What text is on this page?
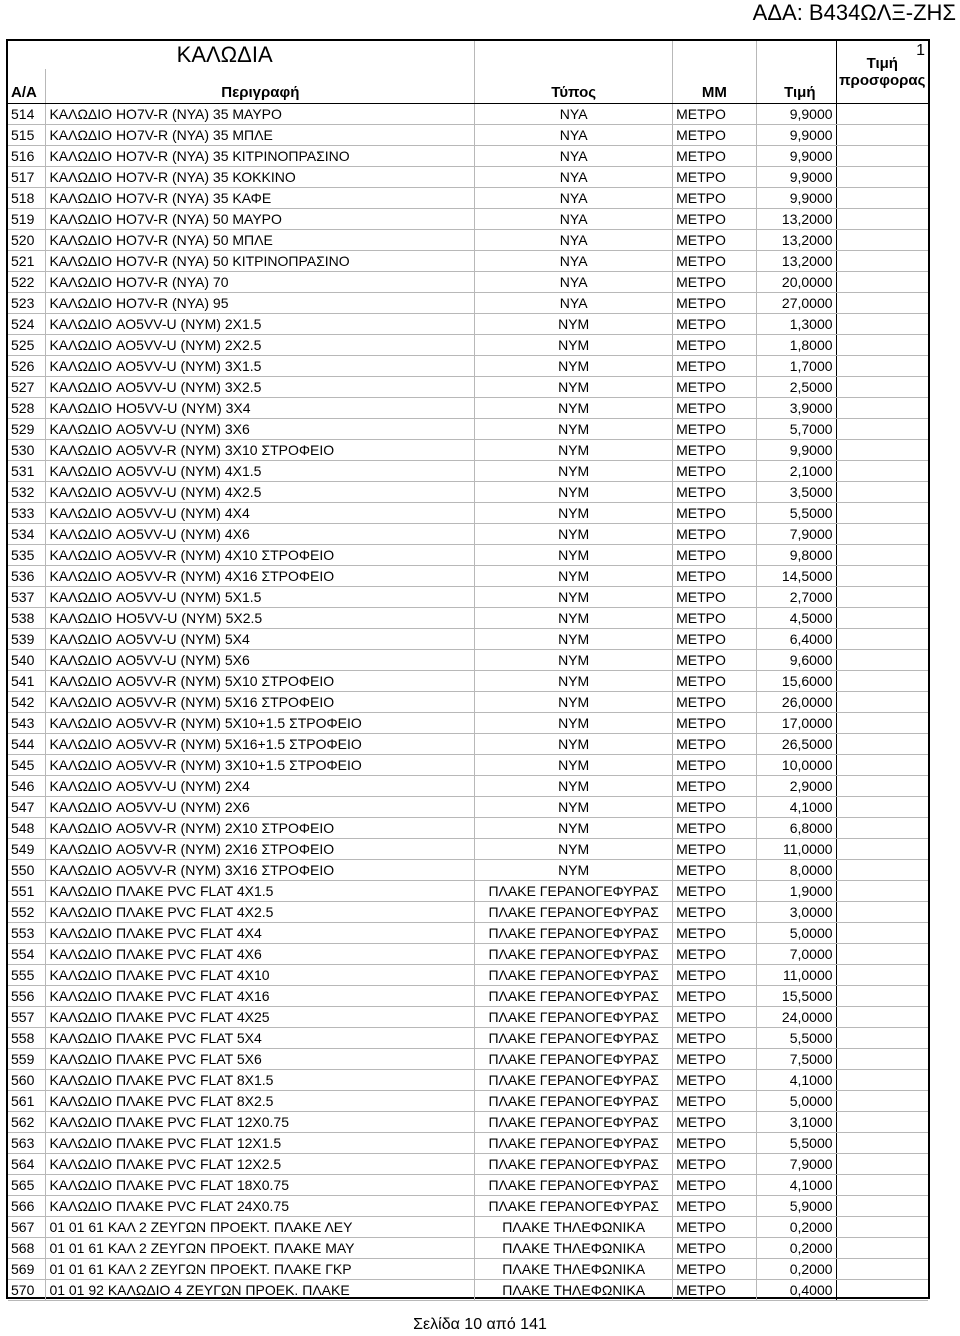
ΑΔΑ: Β434ΩΛΞ-ΖΗΣ
ΚΑΛΩΔΙΑ					1
Α/Α	Περιγραφή	Τύπος	ΜΜ	Τιμή	Τιμή
προσφορας

514	ΚΑΛΩΔΙΟ HO7V-R (NYA) 35 ΜΑΥΡΟ	NYA	ΜΕΤΡΟ	9,9000	
515	ΚΑΛΩΔΙΟ HO7V-R (NYA) 35 ΜΠΛΕ	NYA	ΜΕΤΡΟ	9,9000	
516	ΚΑΛΩΔΙΟ HO7V-R (NYA) 35 ΚΙΤΡΙΝΟΠΡΑΣΙΝΟ	NYA	ΜΕΤΡΟ	9,9000	
517	ΚΑΛΩΔΙΟ HO7V-R (NYA) 35 ΚΟΚΚΙΝΟ	NYA	ΜΕΤΡΟ	9,9000	
518	ΚΑΛΩΔΙΟ HO7V-R (NYA) 35 ΚΑΦΕ	NYA	ΜΕΤΡΟ	9,9000	
519	ΚΑΛΩΔΙΟ HO7V-R (NYA) 50 ΜΑΥΡΟ	NYA	ΜΕΤΡΟ	13,2000	
520	ΚΑΛΩΔΙΟ HO7V-R (NYA) 50 ΜΠΛΕ	NYA	ΜΕΤΡΟ	13,2000	
521	ΚΑΛΩΔΙΟ HO7V-R (NYA) 50 ΚΙΤΡΙΝΟΠΡΑΣΙΝΟ	NYA	ΜΕΤΡΟ	13,2000	
522	ΚΑΛΩΔΙΟ HO7V-R (NYA) 70	NYA	ΜΕΤΡΟ	20,0000	
523	ΚΑΛΩΔΙΟ HO7V-R (NYA) 95	NYA	ΜΕΤΡΟ	27,0000	
524	ΚΑΛΩΔΙΟ AO5VV-U (NYM) 2X1.5	NYM	ΜΕΤΡΟ	1,3000	
525	ΚΑΛΩΔΙΟ AO5VV-U (NYM) 2X2.5	NYM	ΜΕΤΡΟ	1,8000	
526	ΚΑΛΩΔΙΟ AO5VV-U (NYM) 3X1.5	NYM	ΜΕΤΡΟ	1,7000	
527	ΚΑΛΩΔΙΟ AO5VV-U (NYM) 3X2.5	NYM	ΜΕΤΡΟ	2,5000	
528	ΚΑΛΩΔΙΟ HO5VV-U (NYM) 3X4	NYM	ΜΕΤΡΟ	3,9000	
529	ΚΑΛΩΔΙΟ AO5VV-U (NYM) 3X6	NYM	ΜΕΤΡΟ	5,7000	
530	ΚΑΛΩΔΙΟ AO5VV-R (NYM) 3X10 ΣΤΡΟΦΕΙΟ	NYM	ΜΕΤΡΟ	9,9000	
531	ΚΑΛΩΔΙΟ AO5VV-U (NYM) 4X1.5	NYM	ΜΕΤΡΟ	2,1000	
532	ΚΑΛΩΔΙΟ AO5VV-U (NYM) 4X2.5	NYM	ΜΕΤΡΟ	3,5000	
533	ΚΑΛΩΔΙΟ AO5VV-U (NYM) 4X4	NYM	ΜΕΤΡΟ	5,5000	
534	ΚΑΛΩΔΙΟ AO5VV-U (NYM) 4X6	NYM	ΜΕΤΡΟ	7,9000	
535	ΚΑΛΩΔΙΟ AO5VV-R (NYM) 4X10 ΣΤΡΟΦΕΙΟ	NYM	ΜΕΤΡΟ	9,8000	
536	ΚΑΛΩΔΙΟ AO5VV-R (NYM) 4X16 ΣΤΡΟΦΕΙΟ	NYM	ΜΕΤΡΟ	14,5000	
537	ΚΑΛΩΔΙΟ AO5VV-U (NYM) 5X1.5	NYM	ΜΕΤΡΟ	2,7000	
538	ΚΑΛΩΔΙΟ HO5VV-U (NYM) 5X2.5	NYM	ΜΕΤΡΟ	4,5000	
539	ΚΑΛΩΔΙΟ AO5VV-U (NYM) 5X4	NYM	ΜΕΤΡΟ	6,4000	
540	ΚΑΛΩΔΙΟ AO5VV-U (NYM) 5X6	NYM	ΜΕΤΡΟ	9,6000	
541	ΚΑΛΩΔΙΟ AO5VV-R (NYM) 5X10 ΣΤΡΟΦΕΙΟ	NYM	ΜΕΤΡΟ	15,6000	
542	ΚΑΛΩΔΙΟ AO5VV-R (NYM) 5X16 ΣΤΡΟΦΕΙΟ	NYM	ΜΕΤΡΟ	26,0000	
543	ΚΑΛΩΔΙΟ AO5VV-R (NYM) 5X10+1.5 ΣΤΡΟΦΕΙΟ	NYM	ΜΕΤΡΟ	17,0000	
544	ΚΑΛΩΔΙΟ AO5VV-R (NYM) 5X16+1.5 ΣΤΡΟΦΕΙΟ	NYM	ΜΕΤΡΟ	26,5000	
545	ΚΑΛΩΔΙΟ AO5VV-R (NYM) 3X10+1.5 ΣΤΡΟΦΕΙΟ	NYM	ΜΕΤΡΟ	10,0000	
546	ΚΑΛΩΔΙΟ AO5VV-U (NYM) 2X4	NYM	ΜΕΤΡΟ	2,9000	
547	ΚΑΛΩΔΙΟ AO5VV-U (NYM) 2X6	NYM	ΜΕΤΡΟ	4,1000	
548	ΚΑΛΩΔΙΟ AO5VV-R (NYM) 2X10 ΣΤΡΟΦΕΙΟ	NYM	ΜΕΤΡΟ	6,8000	
549	ΚΑΛΩΔΙΟ AO5VV-R (NYM) 2X16 ΣΤΡΟΦΕΙΟ	NYM	ΜΕΤΡΟ	11,0000	
550	ΚΑΛΩΔΙΟ AO5VV-R (NYM) 3X16 ΣΤΡΟΦΕΙΟ	NYM	ΜΕΤΡΟ	8,0000	
551	ΚΑΛΩΔΙΟ ΠΛΑΚΕ PVC FLAT 4X1.5	ΠΛΑΚΕ ΓΕΡΑΝΟΓΕΦΥΡΑΣ	ΜΕΤΡΟ	1,9000	
552	ΚΑΛΩΔΙΟ ΠΛΑΚΕ PVC FLAT 4X2.5	ΠΛΑΚΕ ΓΕΡΑΝΟΓΕΦΥΡΑΣ	ΜΕΤΡΟ	3,0000	
553	ΚΑΛΩΔΙΟ ΠΛΑΚΕ PVC FLAT 4X4	ΠΛΑΚΕ ΓΕΡΑΝΟΓΕΦΥΡΑΣ	ΜΕΤΡΟ	5,0000	
554	ΚΑΛΩΔΙΟ ΠΛΑΚΕ PVC FLAT 4X6	ΠΛΑΚΕ ΓΕΡΑΝΟΓΕΦΥΡΑΣ	ΜΕΤΡΟ	7,0000	
555	ΚΑΛΩΔΙΟ ΠΛΑΚΕ PVC FLAT 4X10	ΠΛΑΚΕ ΓΕΡΑΝΟΓΕΦΥΡΑΣ	ΜΕΤΡΟ	11,0000	
556	ΚΑΛΩΔΙΟ ΠΛΑΚΕ PVC FLAT 4X16	ΠΛΑΚΕ ΓΕΡΑΝΟΓΕΦΥΡΑΣ	ΜΕΤΡΟ	15,5000	
557	ΚΑΛΩΔΙΟ ΠΛΑΚΕ PVC FLAT 4X25	ΠΛΑΚΕ ΓΕΡΑΝΟΓΕΦΥΡΑΣ	ΜΕΤΡΟ	24,0000	
558	ΚΑΛΩΔΙΟ ΠΛΑΚΕ PVC FLAT 5X4	ΠΛΑΚΕ ΓΕΡΑΝΟΓΕΦΥΡΑΣ	ΜΕΤΡΟ	5,5000	
559	ΚΑΛΩΔΙΟ ΠΛΑΚΕ PVC FLAT 5X6	ΠΛΑΚΕ ΓΕΡΑΝΟΓΕΦΥΡΑΣ	ΜΕΤΡΟ	7,5000	
560	ΚΑΛΩΔΙΟ ΠΛΑΚΕ PVC FLAT 8X1.5	ΠΛΑΚΕ ΓΕΡΑΝΟΓΕΦΥΡΑΣ	ΜΕΤΡΟ	4,1000	
561	ΚΑΛΩΔΙΟ ΠΛΑΚΕ PVC FLAT 8X2.5	ΠΛΑΚΕ ΓΕΡΑΝΟΓΕΦΥΡΑΣ	ΜΕΤΡΟ	5,0000	
562	ΚΑΛΩΔΙΟ ΠΛΑΚΕ PVC FLAT 12X0.75	ΠΛΑΚΕ ΓΕΡΑΝΟΓΕΦΥΡΑΣ	ΜΕΤΡΟ	3,1000	
563	ΚΑΛΩΔΙΟ ΠΛΑΚΕ PVC FLAT 12X1.5	ΠΛΑΚΕ ΓΕΡΑΝΟΓΕΦΥΡΑΣ	ΜΕΤΡΟ	5,5000	
564	ΚΑΛΩΔΙΟ ΠΛΑΚΕ PVC FLAT 12X2.5	ΠΛΑΚΕ ΓΕΡΑΝΟΓΕΦΥΡΑΣ	ΜΕΤΡΟ	7,9000	
565	ΚΑΛΩΔΙΟ ΠΛΑΚΕ PVC FLAT 18X0.75	ΠΛΑΚΕ ΓΕΡΑΝΟΓΕΦΥΡΑΣ	ΜΕΤΡΟ	4,1000	
566	ΚΑΛΩΔΙΟ ΠΛΑΚΕ PVC FLAT 24X0.75	ΠΛΑΚΕ ΓΕΡΑΝΟΓΕΦΥΡΑΣ	ΜΕΤΡΟ	5,9000	
567	01 01 61 ΚΑΛ 2 ΖΕΥΓΩΝ ΠΡΟΕΚΤ. ΠΛΑΚΕ ΛΕΥ	ΠΛΑΚΕ ΤΗΛΕΦΩΝΙΚΑ	ΜΕΤΡΟ	0,2000	
568	01 01 61 ΚΑΛ 2 ΖΕΥΓΩΝ ΠΡΟΕΚΤ. ΠΛΑΚΕ ΜΑΥ	ΠΛΑΚΕ ΤΗΛΕΦΩΝΙΚΑ	ΜΕΤΡΟ	0,2000	
569	01 01 61 ΚΑΛ 2 ΖΕΥΓΩΝ ΠΡΟΕΚΤ. ΠΛΑΚΕ ΓΚΡ	ΠΛΑΚΕ ΤΗΛΕΦΩΝΙΚΑ	ΜΕΤΡΟ	0,2000	
570	01 01 92 ΚΑΛΩΔΙΟ 4 ΖΕΥΓΩΝ ΠΡΟΕΚ. ΠΛΑΚΕ	ΠΛΑΚΕ ΤΗΛΕΦΩΝΙΚΑ	ΜΕΤΡΟ	0,4000	
Σελίδα 10 από 141
